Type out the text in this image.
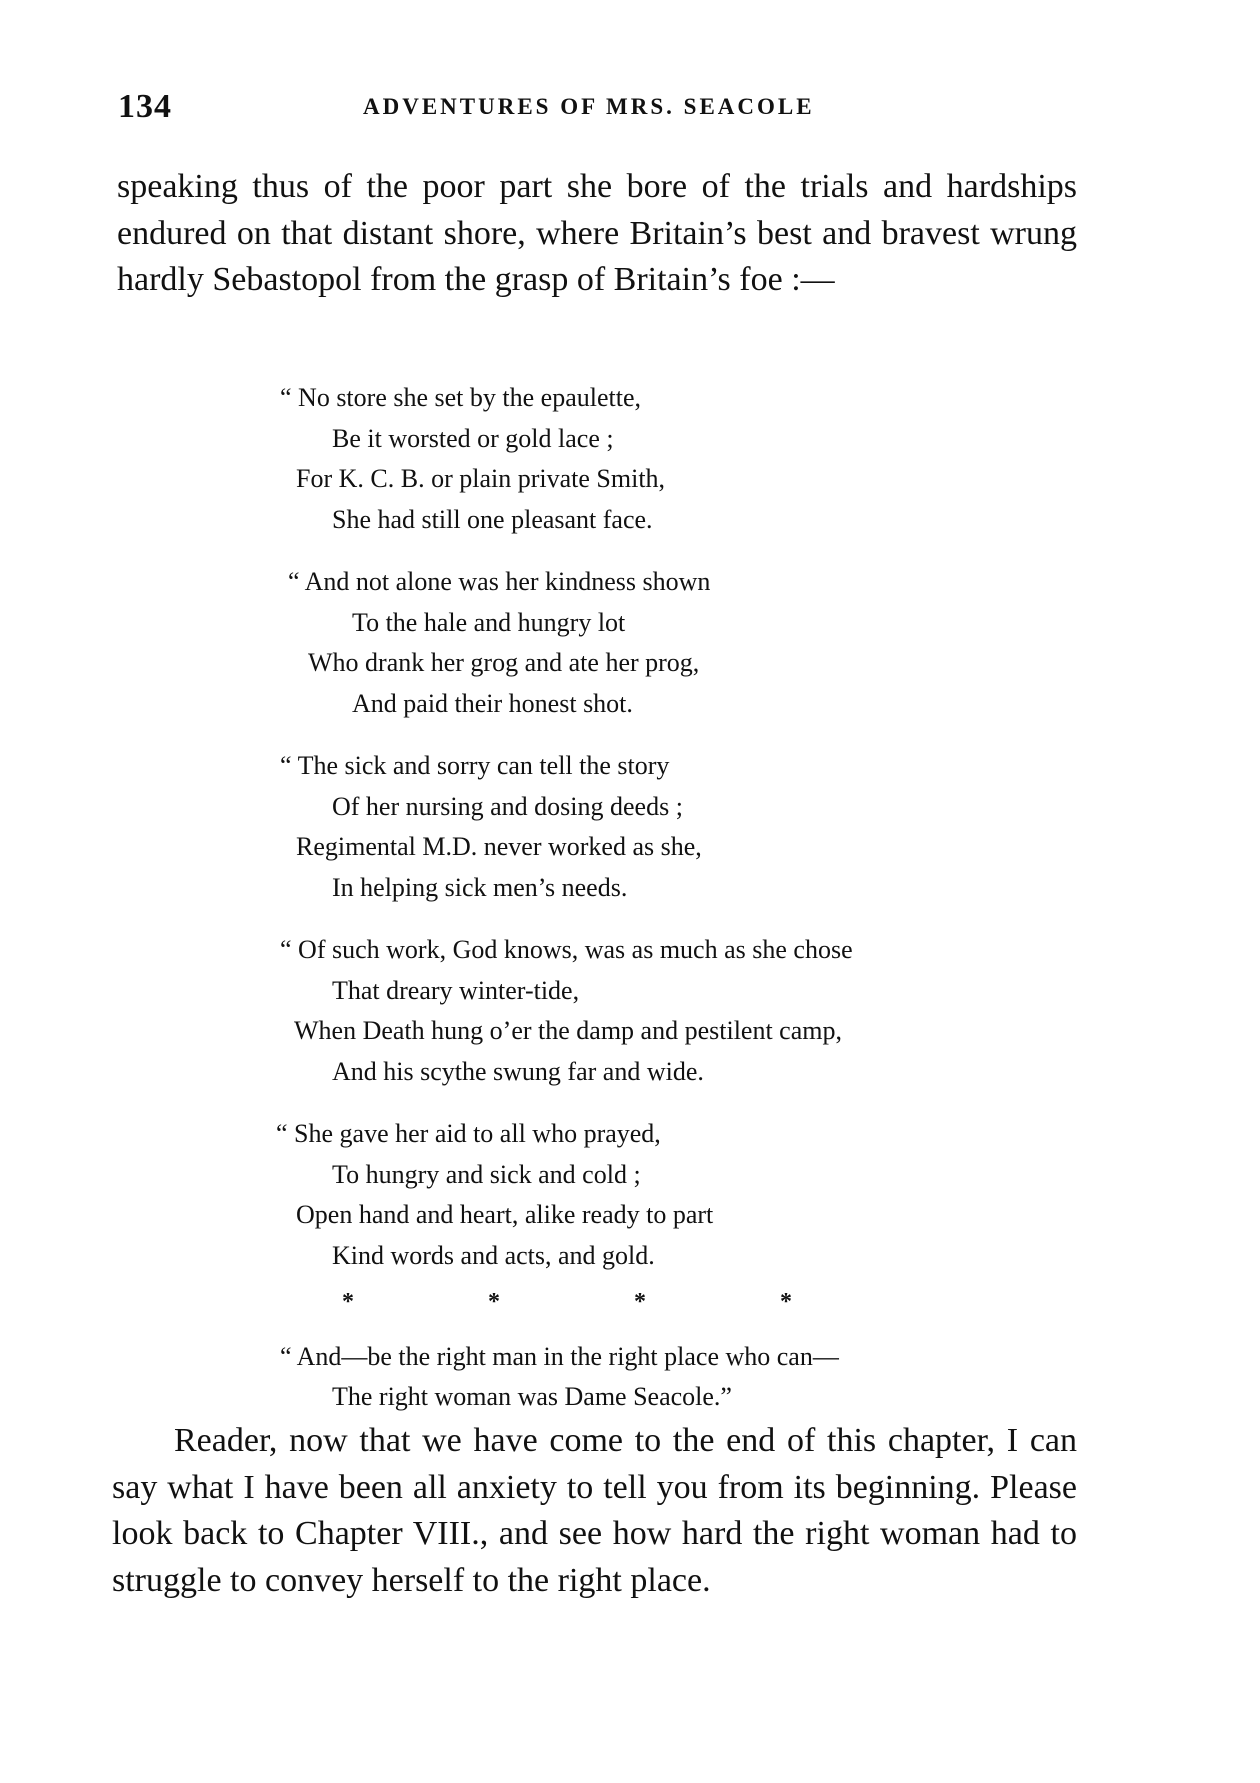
134	ADVENTURES OF MRS. SEACOLE

speaking thus of the poor part she bore of the trials and hardships endured on that distant shore, where Britain’s best and bravest wrung hardly Sebastopol from the grasp of Britain’s foe :—

“ No store she set by the epaulette,
Be it worsted or gold lace ;
For K. C. B. or plain private Smith,
She had still one pleasant face.
“ And not alone was her kindness shown
To the hale and hungry lot
Who drank her grog and ate her prog,
And paid their honest shot.
“ The sick and sorry can tell the story
Of her nursing and dosing deeds ;
Regimental M.D. never worked as she,
In helping sick men’s needs.
“ Of such work, God knows, was as much as she chose
That dreary winter-tide,
When Death hung o’er the damp and pestilent camp,
And his scythe swung far and wide.
“ She gave her aid to all who prayed,
To hungry and sick and cold ;
Open hand and heart, alike ready to part
Kind words and acts, and gold.
*	*	*	*
“ And—be the right man in the right place who can—
The right woman was Dame Seacole.”

Reader, now that we have come to the end of this chapter, I can say what I have been all anxiety to tell you from its beginning. Please look back to Chapter VIII., and see how hard the right woman had to struggle to convey herself to the right place.
